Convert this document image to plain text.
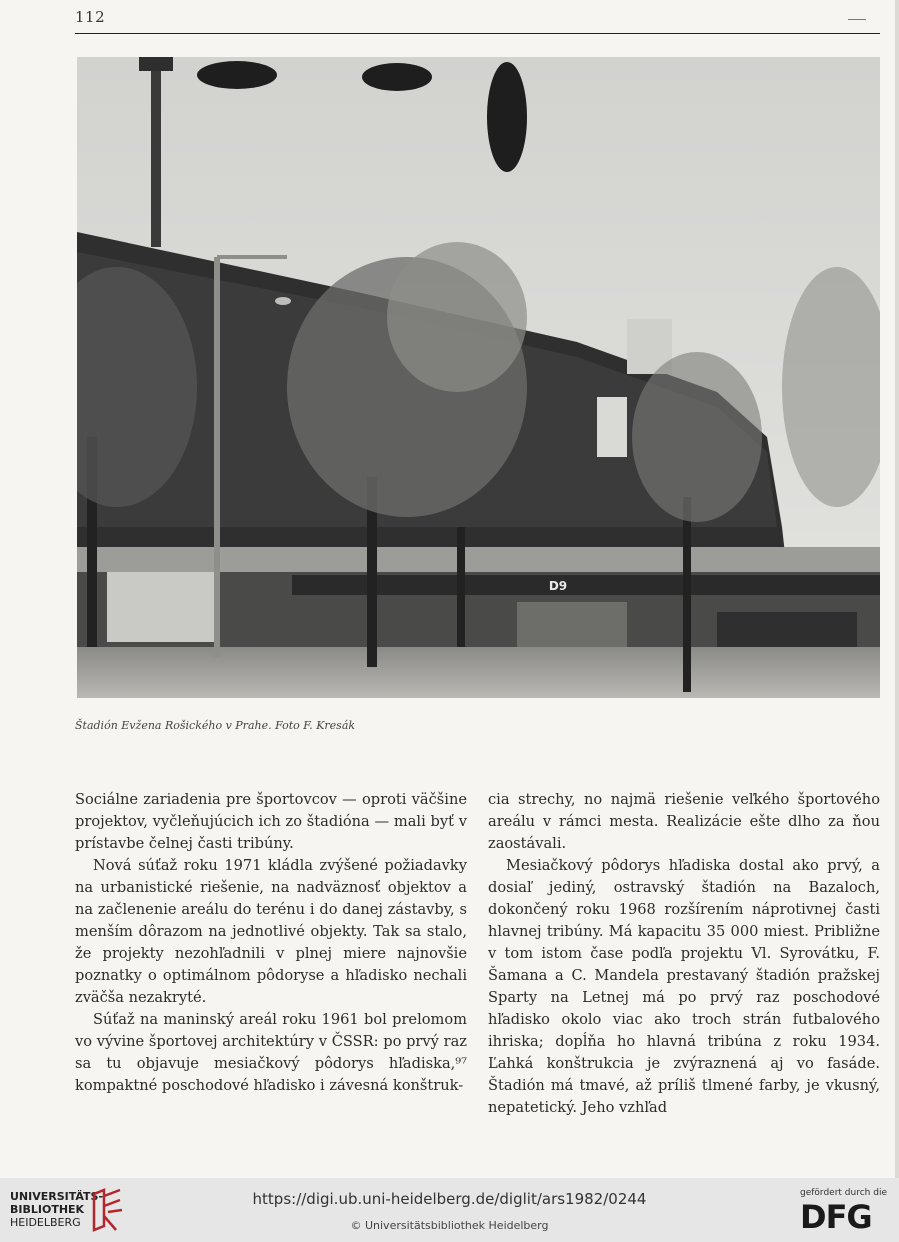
112
D9
Štadión Evžena Rošického v Prahe. Foto F. Kresák

Sociálne zariadenia pre športovcov — oproti väčšine projektov, vyčleňujúcich ich zo štadióna — mali byť v prístavbe čelnej časti tribúny.

Nová súťaž roku 1971 kládla zvýšené požiadavky na urbanistické riešenie, na nadväznosť objektov a na začlenenie areálu do terénu i do danej zástavby, s menším dôrazom na jednotlivé objekty. Tak sa stalo, že projekty nezohľadnili v plnej miere najnovšie poznatky o optimálnom pôdoryse a hľadisko nechali zväčša nezakryté.

Súťaž na maninský areál roku 1961 bol prelomom vo vývine športovej architektúry v ČSSR: po prvý raz sa tu objavuje mesiačkový pôdorys hľadiska,⁹⁷ kompaktné poschodové hľadisko i závesná konštruk-

cia strechy, no najmä riešenie veľkého športového areálu v rámci mesta. Realizácie ešte dlho za ňou zaostávali.

Mesiačkový pôdorys hľadiska dostal ako prvý, a dosiaľ jediný, ostravský štadión na Bazaloch, dokončený roku 1968 rozšírením náprotivnej časti hlavnej tribúny. Má kapacitu 35 000 miest. Približne v tom istom čase podľa projektu Vl. Syrovátku, F. Šamana a C. Mandela prestavaný štadión pražskej Sparty na Letnej má po prvý raz poschodové hľadisko okolo viac ako troch strán futbalového ihriska; dopĺňa ho hlavná tribúna z roku 1934. Ľahká konštrukcia je zvýraznená aj vo fasáde. Štadión má tmavé, až príliš tlmené farby, je vkusný, nepatetický. Jeho vzhľad

UNIVERSITÄTS-
BIBLIOTHEK
HEIDELBERG
https://digi.ub.uni-heidelberg.de/diglit/ars1982/0244
© Universitätsbibliothek Heidelberg
gefördert durch die
DFG
